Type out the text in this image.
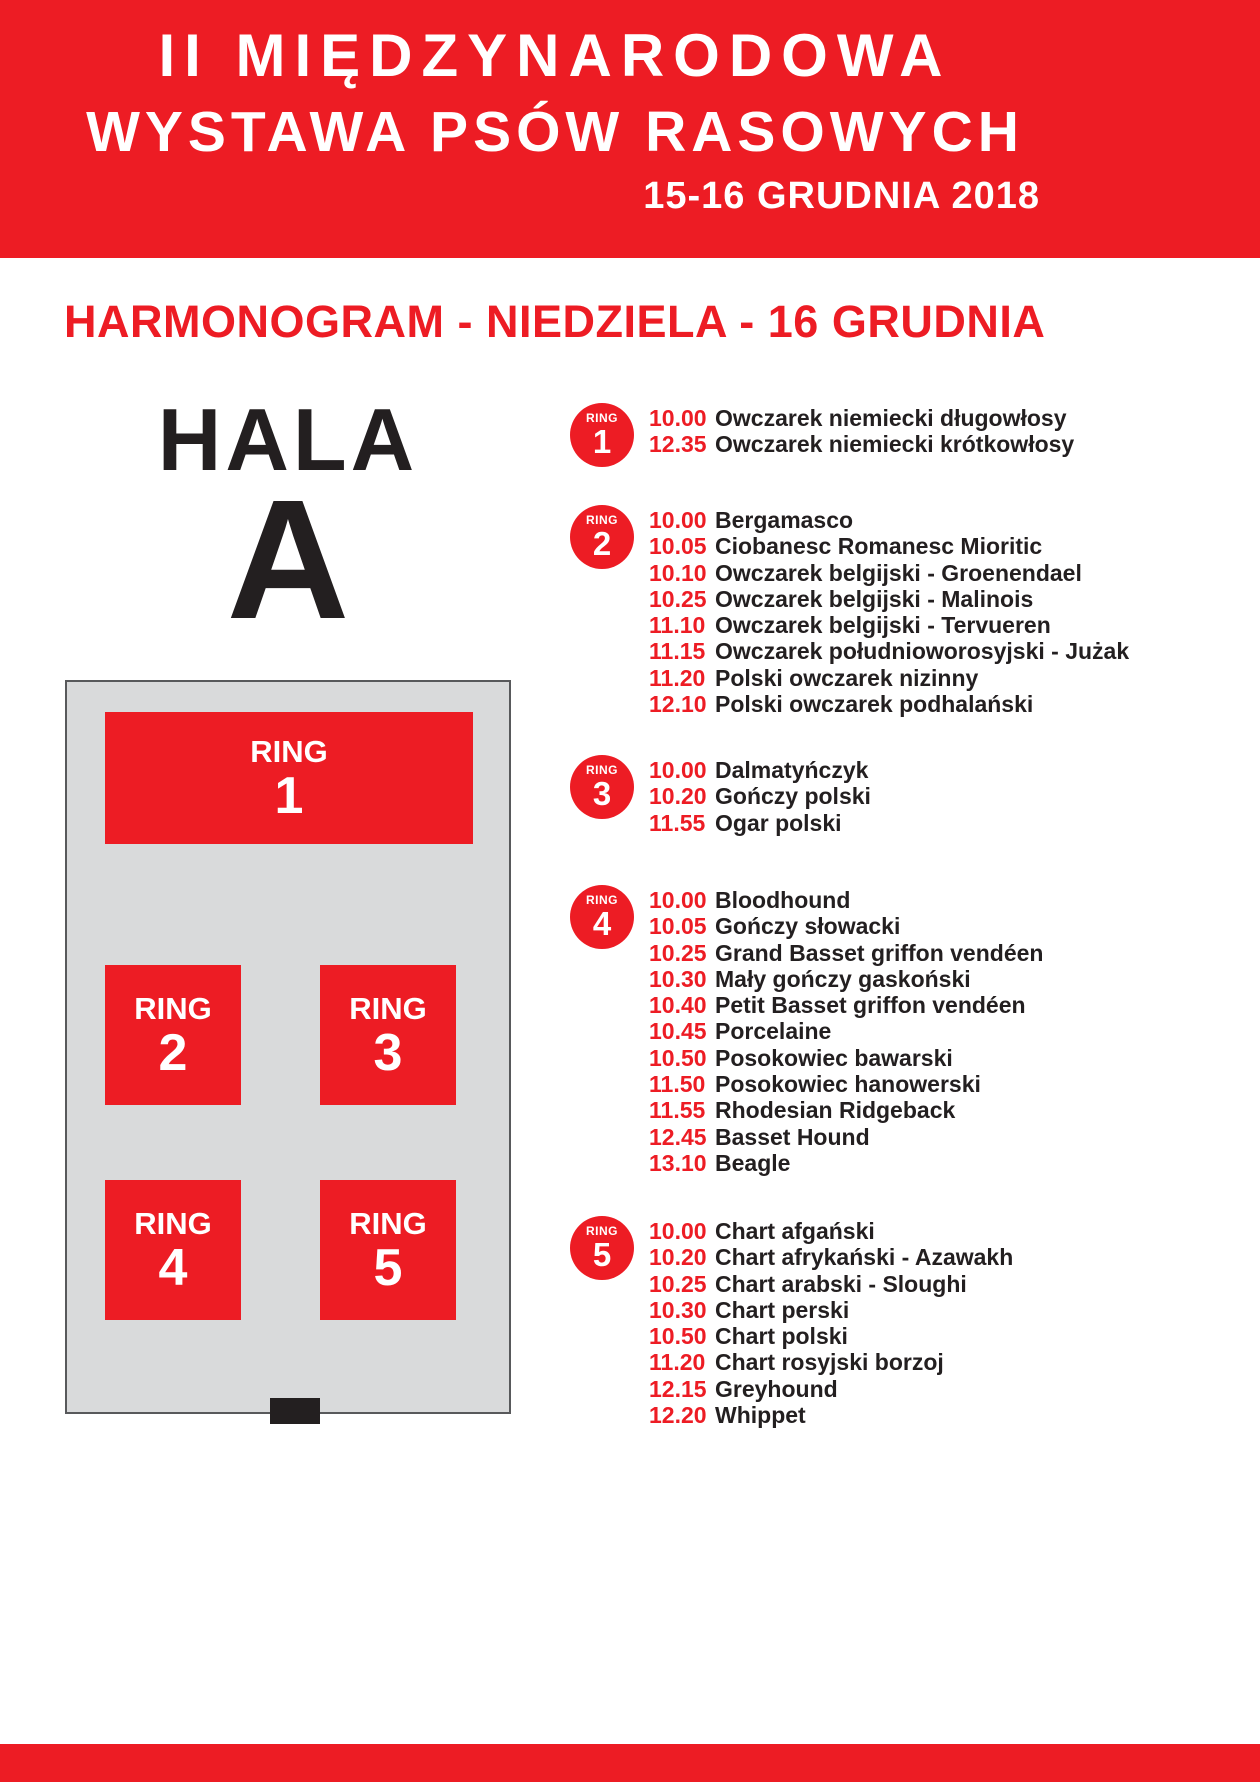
II MIĘDZYNARODOWA
WYSTAWA PSÓW RASOWYCH
15-16 GRUDNIA 2018
HARMONOGRAM - NIEDZIELA - 16 GRUDNIA
HALA
A
RING
1
RING
2
RING
3
RING
4
RING
5
RING
1
10.00 Owczarek niemiecki długowłosy
12.35 Owczarek niemiecki krótkowłosy
RING
2
10.00 Bergamasco
10.05 Ciobanesc Romanesc Mioritic
10.10 Owczarek belgijski - Groenendael
10.25 Owczarek belgijski - Malinois
11.10 Owczarek belgijski - Tervueren
11.15 Owczarek południoworosyjski - Jużak
11.20 Polski owczarek nizinny
12.10 Polski owczarek podhalański
RING
3
10.00 Dalmatyńczyk
10.20 Gończy polski
11.55 Ogar polski
RING
4
10.00 Bloodhound
10.05 Gończy słowacki
10.25 Grand Basset griffon vendéen
10.30 Mały gończy gaskoński
10.40 Petit Basset griffon vendéen
10.45 Porcelaine
10.50 Posokowiec bawarski
11.50 Posokowiec hanowerski
11.55 Rhodesian Ridgeback
12.45 Basset Hound
13.10 Beagle
RING
5
10.00 Chart afgański
10.20 Chart afrykański - Azawakh
10.25 Chart arabski - Sloughi
10.30 Chart perski
10.50 Chart polski
11.20 Chart rosyjski borzoj
12.15 Greyhound
12.20 Whippet
